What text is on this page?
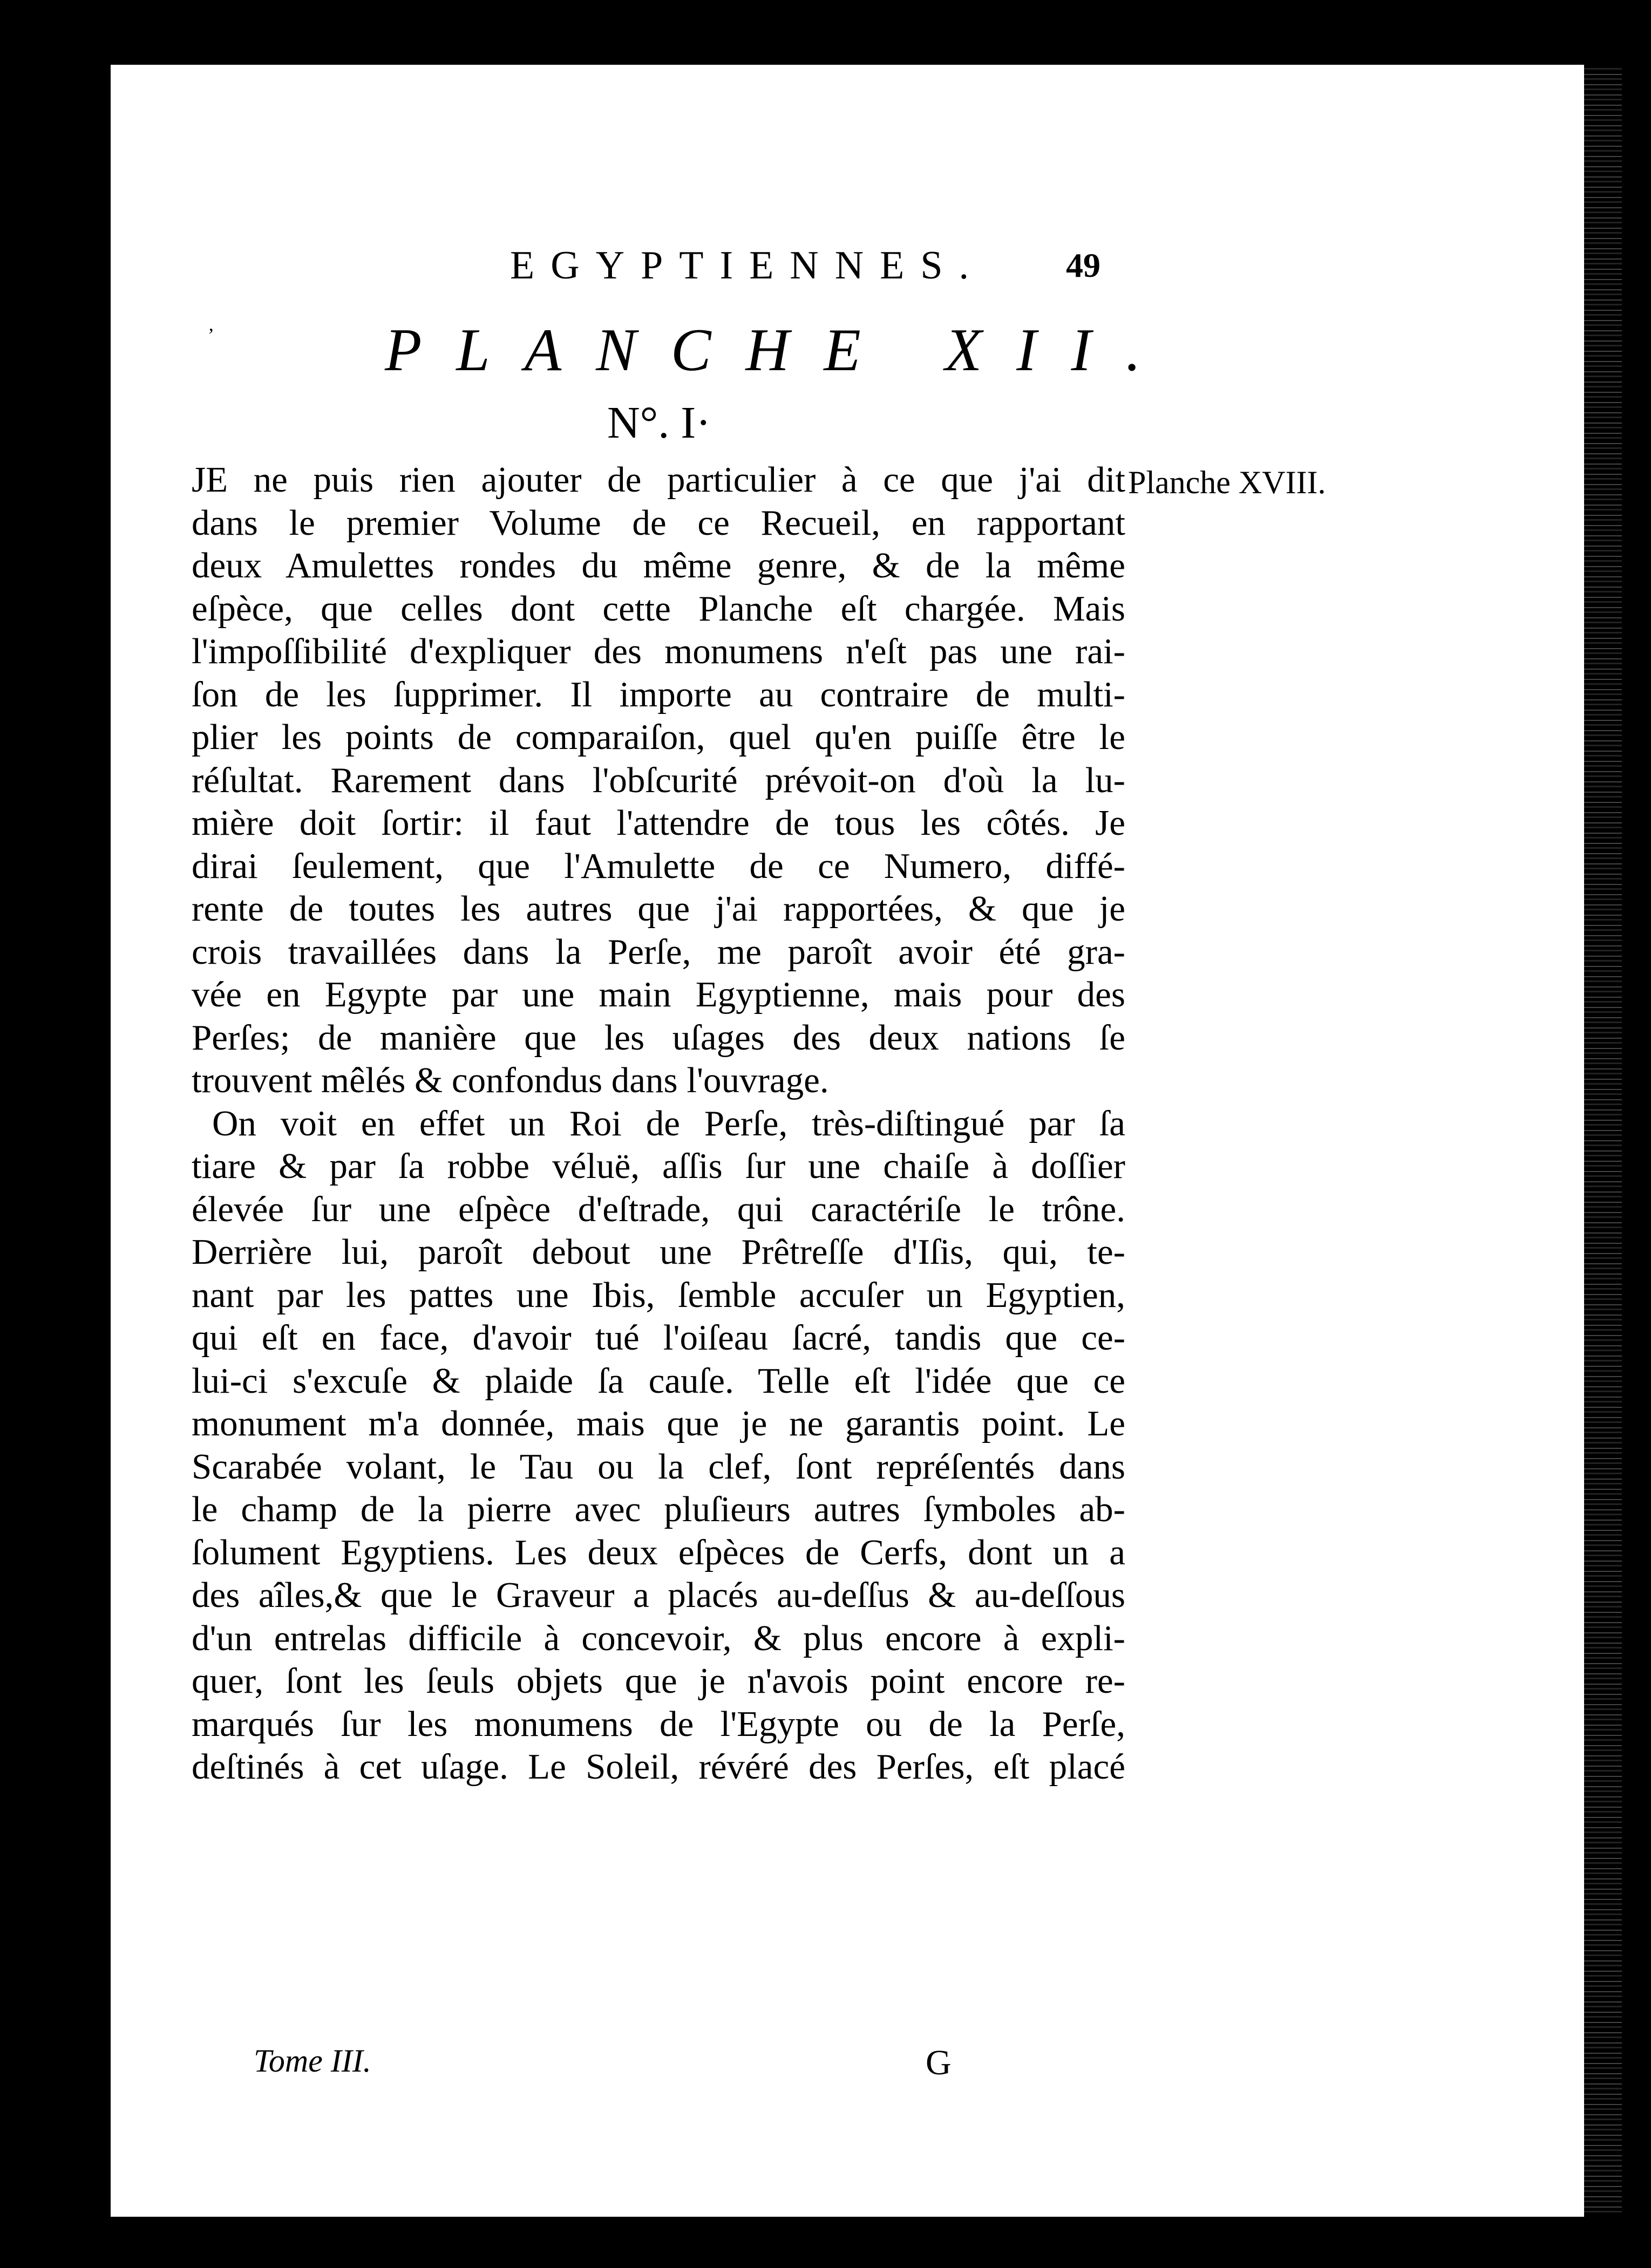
EGYPTIENNES. 49
ʼ	PLANCHE XII.
N°. I·
Planche XVIII.
JE ne puis rien ajouter de particulier à ce que j'ai dit
dans le premier Volume de ce Recueil, en rapportant
deux Amulettes rondes du même genre, & de la même
eſpèce, que celles dont cette Planche eſt chargée. Mais
l'impoſſibilité d'expliquer des monumens n'eſt pas une rai-
ſon de les ſupprimer. Il importe au contraire de multi-
plier les points de comparaiſon, quel qu'en puiſſe être le
réſultat. Rarement dans l'obſcurité prévoit-on d'où la lu-
mière doit ſortir: il faut l'attendre de tous les côtés. Je
dirai ſeulement, que l'Amulette de ce Numero, diffé-
rente de toutes les autres que j'ai rapportées, & que je
crois travaillées dans la Perſe, me paroît avoir été gra-
vée en Egypte par une main Egyptienne, mais pour des
Perſes; de manière que les uſages des deux nations ſe
trouvent mêlés & confondus dans l'ouvrage.
On voit en effet un Roi de Perſe, très-diſtingué par ſa
tiare & par ſa robbe véluë, aſſis ſur une chaiſe à doſſier
élevée ſur une eſpèce d'eſtrade, qui caractériſe le trône.
Derrière lui, paroît debout une Prêtreſſe d'Iſis, qui, te-
nant par les pattes une Ibis, ſemble accuſer un Egyptien,
qui eſt en face, d'avoir tué l'oiſeau ſacré, tandis que ce-
lui-ci s'excuſe & plaide ſa cauſe. Telle eſt l'idée que ce
monument m'a donnée, mais que je ne garantis point. Le
Scarabée volant, le Tau ou la clef, ſont repréſentés dans
le champ de la pierre avec pluſieurs autres ſymboles ab-
ſolument Egyptiens. Les deux eſpèces de Cerfs, dont un a
des aîles,& que le Graveur a placés au-deſſus & au-deſſous
d'un entrelas difficile à concevoir, & plus encore à expli-
quer, ſont les ſeuls objets que je n'avois point encore re-
marqués ſur les monumens de l'Egypte ou de la Perſe,
deſtinés à cet uſage. Le Soleil, révéré des Perſes, eſt placé
Tome III.	G
